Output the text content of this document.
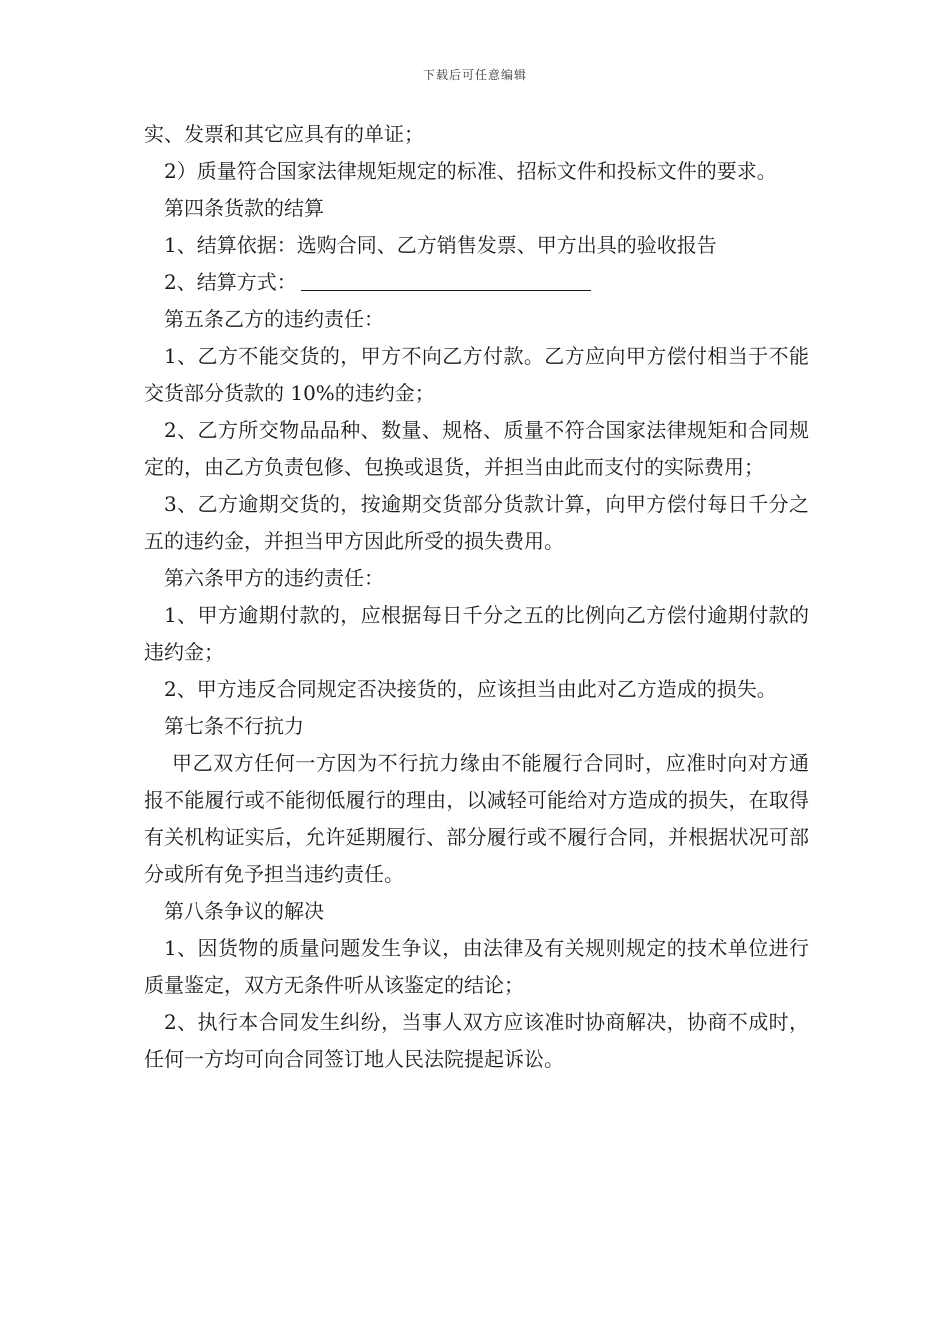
下载后可任意编辑

实、发票和其它应具有的单证；

2）质量符合国家法律规矩规定的标准、招标文件和投标文件的要求。

第四条货款的结算

1、结算依据：选购合同、乙方销售发票、甲方出具的验收报告

2、结算方式：

第五条乙方的违约责任：

1、乙方不能交货的，甲方不向乙方付款。乙方应向甲方偿付相当于不能交货部分货款的 10%的违约金；

2、乙方所交物品品种、数量、规格、质量不符合国家法律规矩和合同规定的，由乙方负责包修、包换或退货，并担当由此而支付的实际费用；

3、乙方逾期交货的，按逾期交货部分货款计算，向甲方偿付每日千分之五的违约金，并担当甲方因此所受的损失费用。

第六条甲方的违约责任：

1、甲方逾期付款的，应根据每日千分之五的比例向乙方偿付逾期付款的违约金；

2、甲方违反合同规定否决接货的，应该担当由此对乙方造成的损失。

第七条不行抗力

甲乙双方任何一方因为不行抗力缘由不能履行合同时，应准时向对方通报不能履行或不能彻低履行的理由，以减轻可能给对方造成的损失，在取得有关机构证实后，允许延期履行、部分履行或不履行合同，并根据状况可部分或所有免予担当违约责任。

第八条争议的解决

1、因货物的质量问题发生争议，由法律及有关规则规定的技术单位进行质量鉴定，双方无条件听从该鉴定的结论；

2、执行本合同发生纠纷，当事人双方应该准时协商解决，协商不成时，任何一方均可向合同签订地人民法院提起诉讼。
